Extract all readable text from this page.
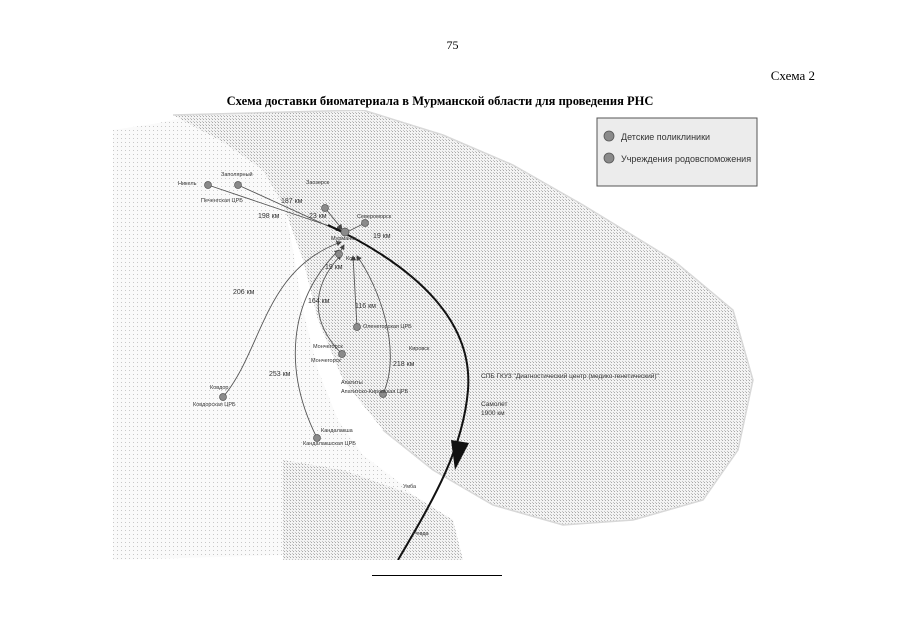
75
Схема 2
Схема доставки биоматериала в Мурманской области для проведения РНС
Детские поликлиники
Учреждения родовспоможения
Никель
Печенгская ЦРБ
Заполярный
Заозерск
Мурманск
Североморск
Кола
Ковдор
Ковдорская ЦРБ
Мончегорск
Оленегорская ЦРБ
Мончегорск
Апатиты
Кировск
Апатитско-Кировская ЦРБ
Кандалакша
Кандалакшская ЦРБ
Умба
Ревда
187 км
198 км	23 км
19 км
19 км
206 км
164 км
116 км
253 км
218 км
СПБ ГКУЗ "Диагностический центр (медико-генетический)"
Самолет
1900 км
